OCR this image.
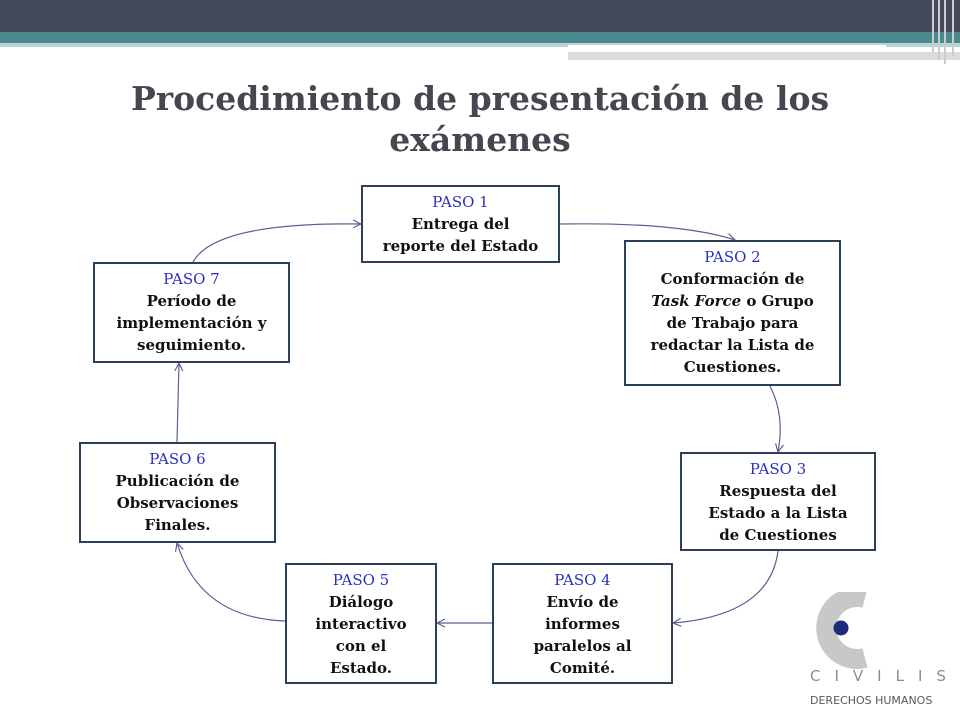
Procedimiento de presentación de los exámenes
PASO 1
Entrega del
reporte del Estado
PASO 2
Conformación de
Task Force o Grupo
de Trabajo para
redactar la Lista de
Cuestiones.
PASO 3
Respuesta del
Estado a la Lista
de Cuestiones
PASO 4
Envío de
informes
paralelos al
Comité.
PASO 5
Diálogo
interactivo
con el
Estado.
PASO 6
Publicación de
Observaciones
Finales.
PASO 7
Período de
implementación y
seguimiento.
CIVILIS
DERECHOS HUMANOS
